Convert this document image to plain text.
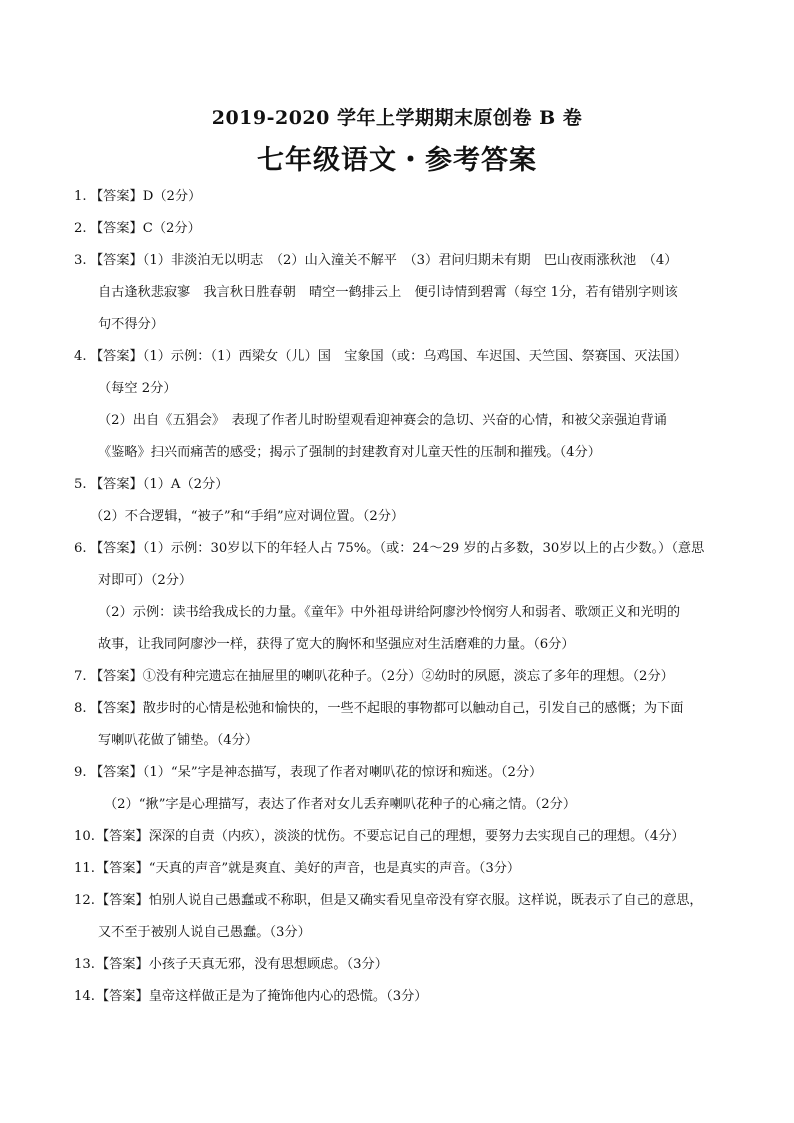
2019-2020 学年上学期期末原创卷 B 卷
七年级语文・参考答案
1. 【答案】D（2分）
2. 【答案】C（2分）
3. 【答案】（1）非淡泊无以明志　（2）山入潼关不解平　（3）君问归期未有期　巴山夜雨涨秋池　（4）
自古逢秋悲寂寥　我言秋日胜春朝　晴空一鹤排云上　便引诗情到碧霄（每空 1分，若有错别字则该
句不得分）
4. 【答案】（1）示例：（1）西梁女（儿）国　宝象国（或：乌鸡国、车迟国、天竺国、祭赛国、灭法国）
（每空 2分）
（2）出自《五猖会》　表现了作者儿时盼望观看迎神赛会的急切、兴奋的心情，和被父亲强迫背诵
《鉴略》扫兴而痛苦的感受；揭示了强制的封建教育对儿童天性的压制和摧残。（4分）
5. 【答案】（1）A（2分）
（2）不合逻辑，“被子”和“手绢”应对调位置。（2分）
6. 【答案】（1）示例：30岁以下的年轻人占 75%。（或：24～29 岁的占多数，30岁以上的占少数。）（意思
对即可）（2分）
（2）示例：读书给我成长的力量。《童年》中外祖母讲给阿廖沙怜悯穷人和弱者、歌颂正义和光明的
故事，让我同阿廖沙一样，获得了宽大的胸怀和坚强应对生活磨难的力量。（6分）
7. 【答案】①没有种完遗忘在抽屉里的喇叭花种子。（2分）②幼时的夙愿，淡忘了多年的理想。（2分）
8. 【答案】散步时的心情是松弛和愉快的，一些不起眼的事物都可以触动自己，引发自己的感慨；为下面
写喇叭花做了铺垫。（4分）
9. 【答案】（1）“呆”字是神态描写，表现了作者对喇叭花的惊讶和痴迷。（2分）
（2）“揪”字是心理描写，表达了作者对女儿丢弃喇叭花种子的心痛之情。（2分）
10.【答案】深深的自责（内疚），淡淡的忧伤。不要忘记自己的理想，要努力去实现自己的理想。（4分）
11.【答案】“天真的声音”就是爽直、美好的声音，也是真实的声音。（3分）
12.【答案】怕别人说自己愚蠢或不称职，但是又确实看见皇帝没有穿衣服。这样说，既表示了自己的意思，
又不至于被别人说自己愚蠢。（3分）
13.【答案】小孩子天真无邪，没有思想顾虑。（3分）
14.【答案】皇帝这样做正是为了掩饰他内心的恐慌。（3分）
